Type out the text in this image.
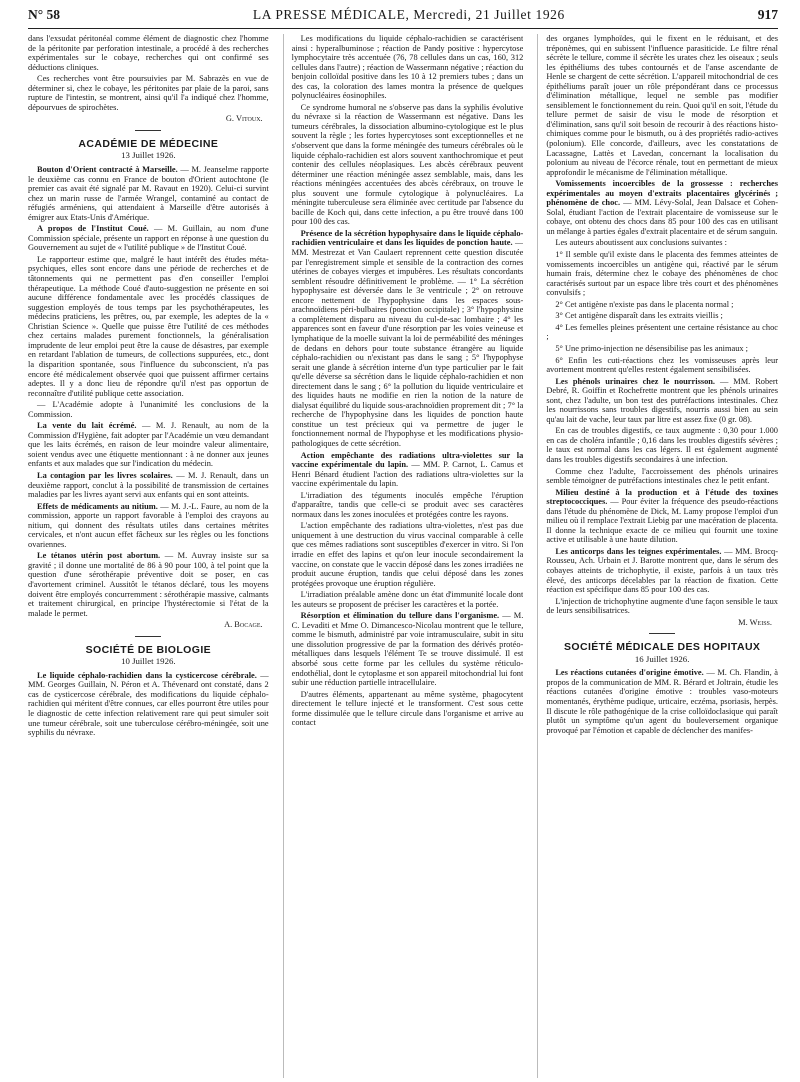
N° 58	LA PRESSE MÉDICALE, Mercredi, 21 Juillet 1926	917

dans l'exsudat péritonéal comme élément de diagnostic chez l'homme de la péritonite par perforation intestinale, a procédé à des recherches expérimentales sur le cobaye, recherches qui ont confirmé ses déductions cliniques.

Ces recherches vont être poursuivies par M. Sabrazès en vue de déterminer si, chez le cobaye, les péritonites par plaie de la paroi, sans rupture de l'intestin, se montrent, ainsi qu'il l'a indiqué chez l'homme, dépourvues de spirochètes.

G. Vitoux.
ACADÉMIE DE MÉDECINE
13 Juillet 1926.

Bouton d'Orient contracté à Marseille. — M. Jeanselme rapporte le deuxième cas connu en France de bouton d'Orient autochtone (le premier cas avait été signalé par M. Ravaut en 1920). Celui-ci survint chez un marin russe de l'armée Wrangel, contaminé au contact de réfugiés arméniens, qui attendaient à Marseille d'être autorisés à émigrer aux Etats-Unis d'Amérique.

A propos de l'Institut Coué. — M. Guillain, au nom d'une Commission spéciale, présente un rapport en réponse à une question du Gouvernement au sujet de « l'utilité publique » de l'Institut Coué.

Le rapporteur estime que, malgré le haut intérêt des études méta-psychiques, elles sont encore dans une période de recherches et de tâtonnements qui ne permettent pas d'en conseiller l'emploi thérapeutique. La méthode Coué d'auto-suggestion ne présente en soi aucune différence fondamentale avec les procédés classiques de suggestion employés de tous temps par les psychothérapeutes, les médecins praticiens, les prêtres, ou, par exemple, les adeptes de la « Christian Science ». Quelle que puisse être l'utilité de ces méthodes chez certains malades purement fonctionnels, la généralisation imprudente de leur emploi peut être la cause de désastres, par exemple en retardant l'ablation de tumeurs, de collections suppurées, etc., dont la disparition spontanée, sous l'influence du subconscient, n'a pas encore été médicalement observée quoi que puissent affirmer certains adeptes. Il y a donc lieu de répondre qu'il n'est pas opportun de reconnaître d'utilité publique cette association.

— L'Académie adopte à l'unanimité les conclusions de la Commission.

La vente du lait écrémé. — M. J. Renault, au nom de la Commission d'Hygiène, fait adopter par l'Académie un vœu demandant que les laits écrémés, en raison de leur moindre valeur alimentaire, soient vendus avec une étiquette mentionnant : à ne donner aux jeunes enfants et aux malades que sur l'indication du médecin.

La contagion par les livres scolaires. — M. J. Renault, dans un deuxième rapport, conclut à la possibilité de transmission de certaines maladies par les livres ayant servi aux enfants qui en sont atteints.

Effets de médicaments au nitium. — M. J.-L. Faure, au nom de la commission, apporte un rapport favorable à l'emploi des crayons au nitium, qui donnent des résultats utiles dans certaines métrites cervicales, et n'ont aucun effet fâcheux sur les règles ou les fonctions ovariennes.

Le tétanos utérin post abortum. — M. Auvray insiste sur sa gravité ; il donne une mortalité de 86 à 90 pour 100, à tel point que la question d'une sérothérapie préventive doit se poser, en cas d'avortement criminel. Aussitôt le tétanos déclaré, tous les moyens doivent être employés concurremment : sérothérapie massive, calmants et traitement chirurgical, en principe l'hystérectomie si l'état de la malade le permet.

A. Bocage.
SOCIÉTÉ DE BIOLOGIE
10 Juillet 1926.

Le liquide céphalo-rachidien dans la cysticercose cérébrale. — MM. Georges Guillain, N. Péron et A. Thévenard ont constaté, dans 2 cas de cysticercose cérébrale, des modifications du liquide céphalo-rachidien qui méritent d'être connues, car elles pourront être utiles pour le diagnostic de cette infection relativement rare qui peut simuler soit une tumeur cérébrale, soit une tuberculose cérébro-méningée, soit une syphilis du névraxe.

Les modifications du liquide céphalo-rachidien se caractérisent ainsi : hyperalbuminose ; réaction de Pandy positive : hypercytose lymphocytaire très accentuée (76, 78 cellules dans un cas, 160, 312 cellules dans l'autre) ; réaction de Wassermann négative ; réaction du benjoin colloïdal positive dans les 10 à 12 premiers tubes ; dans un des cas, la coloration des lames montra la présence de quelques polynucléaires éosinophiles.

Ce syndrome humoral ne s'observe pas dans la syphilis évolutive du névraxe si la réaction de Wassermann est négative. Dans les tumeurs cérébrales, la dissociation albumino-cytologique est le plus souvent la règle ; les fortes hypercytoses sont exceptionnelles et ne s'observent que dans la forme méningée des tumeurs cérébrales où le liquide céphalo-rachidien est alors souvent xanthochromique et peut contenir des cellules néoplasiques. Les abcès cérébraux peuvent déterminer une réaction méningée assez semblable, mais, dans les réactions méningées accentuées des abcès cérébraux, on trouve le plus souvent une formule cytologique à polynucléaires. La méningite tuberculeuse sera éliminée avec certitude par l'absence du bacille de Koch qui, dans cette infection, a pu être trouvé dans 100 pour 100 des cas.

Présence de la sécrétion hypophysaire dans le liquide céphalo-rachidien ventriculaire et dans les liquides de ponction haute. — MM. Mestrezat et Van Caulaert reprennent cette question discutée par l'enregistrement simple et sensible de la contraction des cornes utérines de cobayes vierges et impubères. Les résultats concordants semblent résoudre définitivement le problème. — 1° La sécrétion hypophysaire est déversée dans le 3e ventricule ; 2° on retrouve encore nettement de l'hypophysine dans les espaces sous-arachnoïdiens péri-bulbaires (ponction occipitale) ; 3° l'hypophysine a complètement disparu au niveau du cul-de-sac lombaire ; 4° les apparences sont en faveur d'une résorption par les voies veineuse et lymphatique de la moelle suivant la loi de perméabilité des méninges de dedans en dehors pour toute substance étrangère au liquide céphalo-rachidien ou n'existant pas dans le sang ; 5° l'hypophyse serait une glande à sécrétion interne d'un type particulier par le fait qu'elle déverse sa sécrétion dans le liquide céphalo-rachidien et non directement dans le sang ; 6° la pollution du liquide ventriculaire et des liquides hauts ne modifie en rien la notion de la nature de dialysat équilibré du liquide sous-arachnoïdien proprement dit ; 7° la recherche de l'hypophysine dans les liquides de ponction haute constitue un test précieux qui va permettre de juger le fonctionnement normal de l'hypophyse et les modifications physio-pathologiques de cette sécrétion.

Action empêchante des radiations ultra-violettes sur la vaccine expérimentale du lapin. — MM. P. Carnot, L. Camus et Henri Bénard étudient l'action des radiations ultra-violettes sur la vaccine expérimentale du lapin.

L'irradiation des téguments inoculés empêche l'éruption d'apparaître, tandis que celle-ci se produit avec ses caractères normaux dans les zones inoculées et protégées contre les rayons.

L'action empêchante des radiations ultra-violettes, n'est pas due uniquement à une destruction du virus vaccinal comparable à celle que ces mêmes radiations sont susceptibles d'exercer in vitro. Si l'on irradie en effet des lapins et qu'on leur inocule secondairement la vaccine, on constate que le vaccin déposé dans les zones irradiées ne produit aucune éruption, tandis que celui déposé dans les zones protégées provoque une éruption régulière.

L'irradiation préalable amène donc un état d'immunité locale dont les auteurs se proposent de préciser les caractères et la portée.

Résorption et élimination du tellure dans l'organisme. — M. C. Levaditi et Mme O. Dimancesco-Nicolau montrent que le tellure, comme le bismuth, administré par voie intramusculaire, subit in situ une dissolution progressive de par la formation des dérivés protéo-métalliques dans lesquels l'élément Te se trouve dissimulé. Il est absorbé sous cette forme par les cellules du système réticulo-endothélial, dont le cytoplasme et son appareil mitochondrial lui font subir une réduction partielle intracellulaire.

D'autres éléments, appartenant au même système, phagocytent directement le tellure injecté et le transforment. C'est sous cette forme dissimulée que le tellure circule dans l'organisme et arrive au contact

des organes lymphoïdes, qui le fixent en le réduisant, et des tréponèmes, qui en subissent l'influence parasiticide. Le filtre rénal sécrète le tellure, comme il sécrète les urates chez les oiseaux ; seuls les épithéliums des tubes contournés et de l'anse ascendante de Henle se chargent de cette sécrétion. L'appareil mitochondrial de ces épithéliums paraît jouer un rôle prépondérant dans ce processus d'élimination métallique, lequel ne semble pas modifier sensiblement le fonctionnement du rein. Quoi qu'il en soit, l'étude du tellure permet de saisir de visu le mode de résorption et d'élimination, sans qu'il soit besoin de recourir à des réactions histo-chimiques comme pour le bismuth, ou à des propriétés radio-actives (polonium). Elle concorde, d'ailleurs, avec les constatations de Lacassagne, Lattès et Lavedan, concernant la localisation du polonium au niveau de l'écorce rénale, tout en permettant de mieux approfondir le mécanisme de l'élimination métallique.

Vomissements incoercibles de la grossesse : recherches expérimentales au moyen d'extraits placentaires glycérinés ; phénomène de choc. — MM. Lévy-Solal, Jean Dalsace et Cohen-Solal, étudiant l'action de l'extrait placentaire de vomisseuse sur le cobaye, ont obtenu des chocs dans 85 pour 100 des cas en utilisant un mélange à parties égales d'extrait placentaire et de sérum sanguin.

Les auteurs aboutissent aux conclusions suivantes :

1° Il semble qu'il existe dans le placenta des femmes atteintes de vomissements incoercibles un antigène qui, réactivé par le sérum humain frais, détermine chez le cobaye des phénomènes de choc caractérisés surtout par un espace libre très court et des phénomènes convulsifs ;

2° Cet antigène n'existe pas dans le placenta normal ;

3° Cet antigène disparaît dans les extraits vieillis ;

4° Les femelles pleines présentent une certaine résistance au choc ;

5° Une primo-injection ne désensibilise pas les animaux ;

6° Enfin les cuti-réactions chez les vomisseuses après leur avortement montrent qu'elles restent également sensibilisées.

Les phénols urinaires chez le nourrisson. — MM. Robert Debré, R. Goiffin et Rochefrette montrent que les phénols urinaires sont, chez l'adulte, un bon test des putréfactions intestinales. Chez les nourrissons sans troubles digestifs, nourris aussi bien au sein qu'au lait de vache, leur taux par litre est assez fixe (0 gr. 08).

En cas de troubles digestifs, ce taux augmente : 0,30 pour 1.000 en cas de choléra infantile ; 0,16 dans les troubles digestifs sévères ; le taux est normal dans les cas légers. Il est également augmenté dans les troubles digestifs secondaires à une infection.

Comme chez l'adulte, l'accroissement des phénols urinaires semble témoigner de putréfactions intestinales chez le petit enfant.

Milieu destiné à la production et à l'étude des toxines streptococciques. — Pour éviter la fréquence des pseudo-réactions dans l'étude du phénomène de Dick, M. Lamy propose l'emploi d'un milieu où il remplace l'extrait Liebig par une macération de placenta. Il donne la technique exacte de ce milieu qui fournit une toxine active et utilisable à une haute dilution.

Les anticorps dans les teignes expérimentales. — MM. Brocq-Rousseu, Ach. Urbain et J. Barotte montrent que, dans le sérum des cobayes atteints de trichophytie, il existe, parfois à un taux très élevé, des anticorps décelables par la réaction de fixation. Cette réaction est spécifique dans 85 pour 100 des cas.

L'injection de trichophytine augmente d'une façon sensible le taux de leurs sensibilisatrices.

M. Weiss.
SOCIÉTÉ MÉDICALE DES HOPITAUX
16 Juillet 1926.

Les réactions cutanées d'origine émotive. — M. Ch. Flandin, à propos de la communication de MM. R. Bérard et Joltrain, étudie les réactions cutanées d'origine émotive : troubles vaso-moteurs momentanés, érythème pudique, urticaire, eczéma, psoriasis, herpès. Il discute le rôle pathogénique de la crise colloïdoclasique qui paraît plutôt un symptôme qu'un agent du bouleversement organique provoqué par l'émotion et capable de déclencher des manifes-
